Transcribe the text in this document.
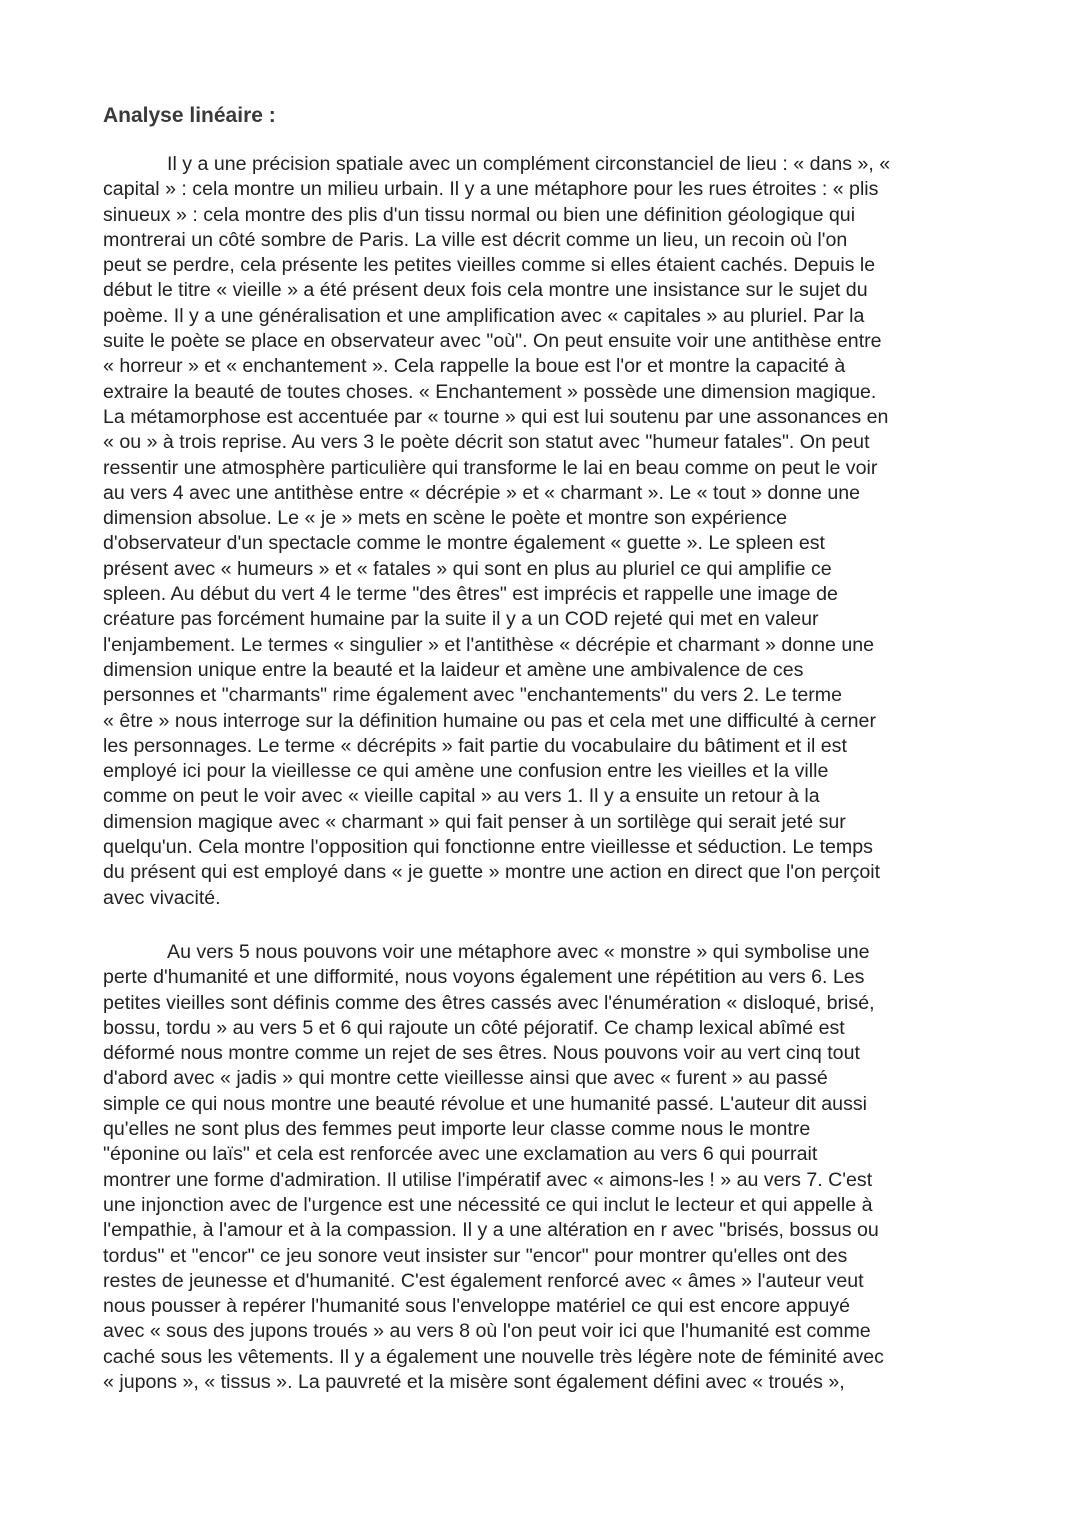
Analyse linéaire :

Il y a une précision spatiale avec un complément circonstanciel de lieu : « dans », «
capital » : cela montre un milieu urbain. Il y a une métaphore pour les rues étroites : « plis
sinueux » : cela montre des plis d'un tissu normal ou bien une définition géologique qui
montrerai un côté sombre de Paris. La ville est décrit comme un lieu, un recoin où l'on
peut se perdre, cela présente les petites vieilles comme si elles étaient cachés. Depuis le
début le titre « vieille » a été présent deux fois cela montre une insistance sur le sujet du
poème. Il y a une généralisation et une amplification avec « capitales » au pluriel. Par la
suite le poète se place en observateur avec "où". On peut ensuite voir une antithèse entre
« horreur » et « enchantement ». Cela rappelle la boue est l'or et montre la capacité à
extraire la beauté de toutes choses. « Enchantement » possède une dimension magique.
La métamorphose est accentuée par « tourne » qui est lui soutenu par une assonances en
« ou » à trois reprise. Au vers 3 le poète décrit son statut avec "humeur fatales". On peut
ressentir une atmosphère particulière qui transforme le lai en beau comme on peut le voir
au vers 4 avec une antithèse entre « décrépie » et « charmant ». Le « tout » donne une
dimension absolue. Le « je » mets en scène le poète et montre son expérience
d'observateur d'un spectacle comme le montre également « guette ». Le spleen est
présent avec « humeurs » et « fatales » qui sont en plus au pluriel ce qui amplifie ce
spleen. Au début du vert 4 le terme "des êtres" est imprécis et rappelle une image de
créature pas forcément humaine par la suite il y a un COD rejeté qui met en valeur
l'enjambement. Le termes « singulier » et l'antithèse « décrépie et charmant » donne une
dimension unique entre la beauté et la laideur et amène une ambivalence de ces
personnes et "charmants" rime également avec "enchantements" du vers 2. Le terme
« être » nous interroge sur la définition humaine ou pas et cela met une difficulté à cerner
les personnages. Le terme « décrépits » fait partie du vocabulaire du bâtiment et il est
employé ici pour la vieillesse ce qui amène une confusion entre les vieilles et la ville
comme on peut le voir avec « vieille capital » au vers 1. Il y a ensuite un retour à la
dimension magique avec « charmant » qui fait penser à un sortilège qui serait jeté sur
quelqu'un. Cela montre l'opposition qui fonctionne entre vieillesse et séduction. Le temps
du présent qui est employé dans « je guette » montre une action en direct que l'on perçoit
avec vivacité.

Au vers 5 nous pouvons voir une métaphore avec « monstre » qui symbolise une
perte d'humanité et une difformité, nous voyons également une répétition au vers 6. Les
petites vieilles sont définis comme des êtres cassés avec l'énumération « disloqué, brisé,
bossu, tordu » au vers 5 et 6 qui rajoute un côté péjoratif. Ce champ lexical abîmé est
déformé nous montre comme un rejet de ses êtres. Nous pouvons voir au vert cinq tout
d'abord avec « jadis » qui montre cette vieillesse ainsi que avec « furent » au passé
simple ce qui nous montre une beauté révolue et une humanité passé. L'auteur dit aussi
qu'elles ne sont plus des femmes peut importe leur classe comme nous le montre
"éponine ou laïs" et cela est renforcée avec une exclamation au vers 6 qui pourrait
montrer une forme d'admiration. Il utilise l'impératif avec « aimons-les ! » au vers 7. C'est
une injonction avec de l'urgence est une nécessité ce qui inclut le lecteur et qui appelle à
l'empathie, à l'amour et à la compassion. Il y a une altération en r avec "brisés, bossus ou
tordus" et "encor" ce jeu sonore veut insister sur "encor" pour montrer qu'elles ont des
restes de jeunesse et d'humanité. C'est également renforcé avec « âmes » l'auteur veut
nous pousser à repérer l'humanité sous l'enveloppe matériel ce qui est encore appuyé
avec « sous des jupons troués » au vers 8 où l'on peut voir ici que l'humanité est comme
caché sous les vêtements. Il y a également une nouvelle très légère note de féminité avec
« jupons », « tissus ». La pauvreté et la misère sont également défini avec « troués »,
